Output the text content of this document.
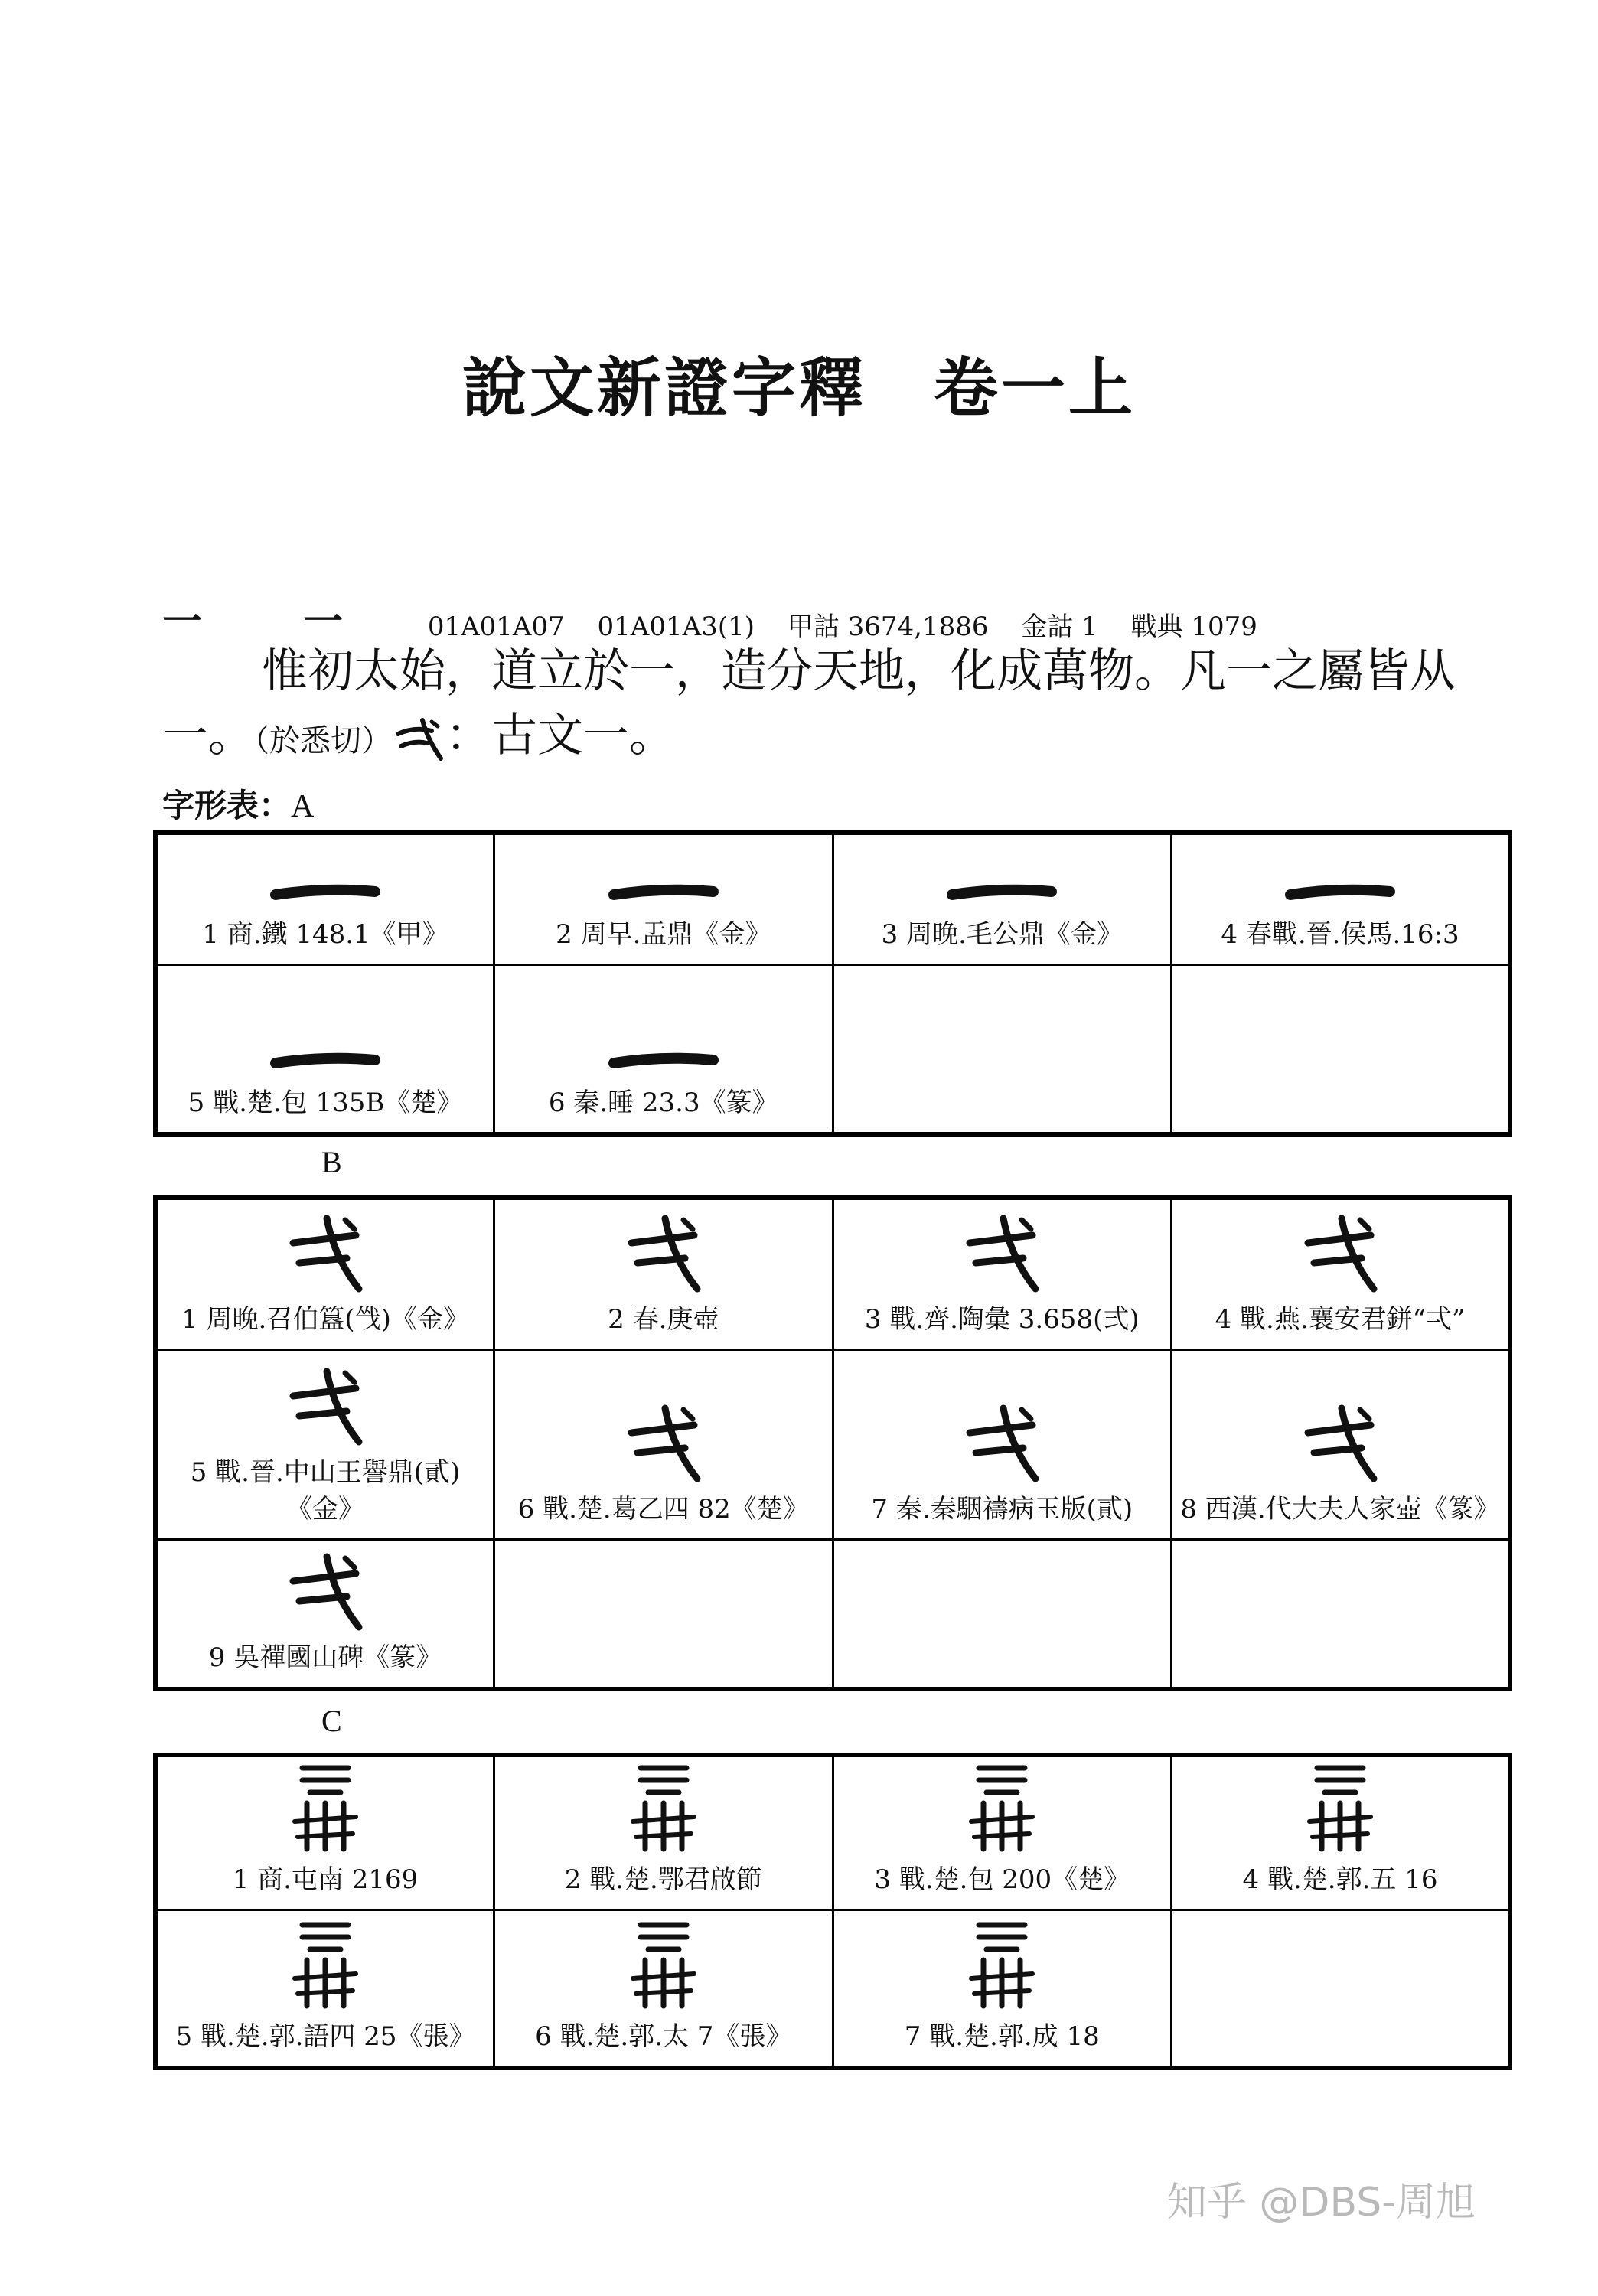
說文新證字釋　卷一上
一　一 01A01A07 01A01A3(1) 甲詁 3674,1886 金詁 1 戰典 1079
惟初太始，道立於一，造分天地，化成萬物。凡一之屬皆从一。（於悉切） ：古文一。
字形表：A
1 商.鐵 148.1《甲》	2 周早.盂鼎《金》	3 周晚.毛公鼎《金》	4 春戰.晉.侯馬.16:3

5 戰.楚.包 135B《楚》	6 秦.睡 23.3《篆》		

B
1 周晚.召伯簋(㦰)《金》	2 春.庚壺	3 戰.齊.陶彙 3.658(弍)	4 戰.燕.襄安君鉼“弌”

5 戰.晉.中山王譽鼎(貳)《金》	6 戰.楚.葛乙四 82《楚》	7 秦.秦駰禱病玉版(貳)	8 西漢.代大夫人家壺《篆》

9 吳禪國山碑《篆》			

C
1 商.屯南 2169	2 戰.楚.鄂君啟節	3 戰.楚.包 200《楚》	4 戰.楚.郭.五 16

5 戰.楚.郭.語四 25《張》	6 戰.楚.郭.太 7《張》	7 戰.楚.郭.成 18	

知乎 @DBS-周旭
